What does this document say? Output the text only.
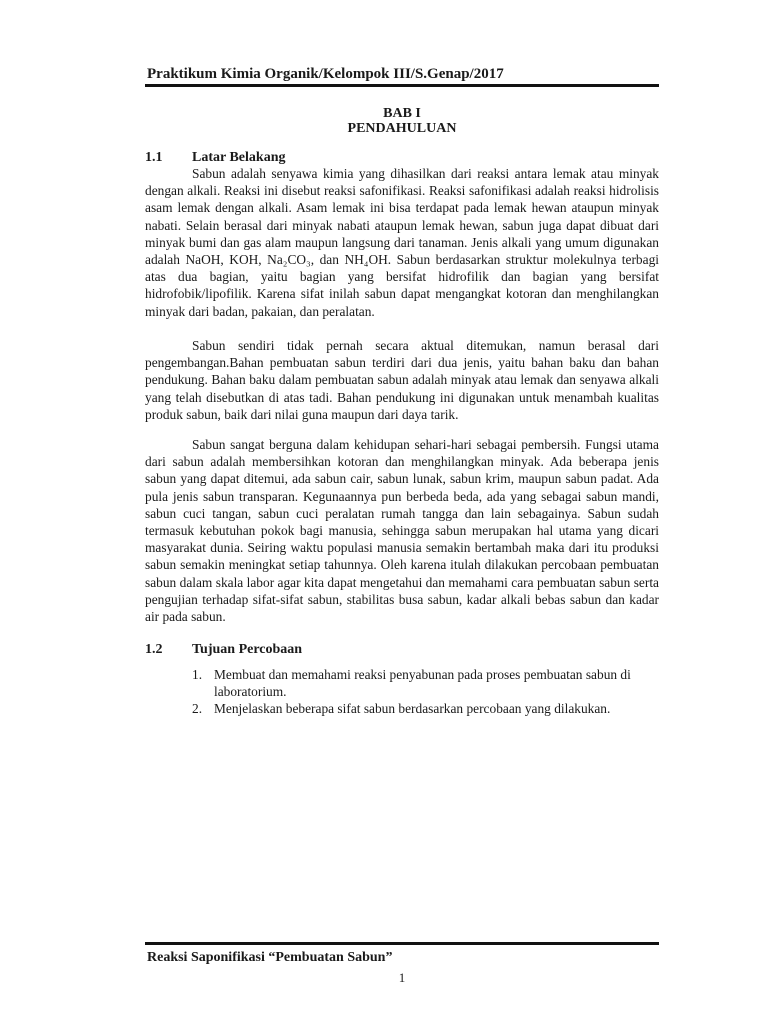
Praktikum Kimia Organik/Kelompok III/S.Genap/2017
BAB I
PENDAHULUAN
1.1 Latar Belakang

Sabun adalah senyawa kimia yang dihasilkan dari reaksi antara lemak atau minyak dengan alkali. Reaksi ini disebut reaksi safonifikasi. Reaksi safonifikasi adalah reaksi hidrolisis asam lemak dengan alkali. Asam lemak ini bisa terdapat pada lemak hewan ataupun minyak nabati. Selain berasal dari minyak nabati ataupun lemak hewan, sabun juga dapat dibuat dari minyak bumi dan gas alam maupun langsung dari tanaman. Jenis alkali yang umum digunakan adalah NaOH, KOH, Na₂CO₃, dan NH₄OH. Sabun berdasarkan struktur molekulnya terbagi atas dua bagian, yaitu bagian yang bersifat hidrofilik dan bagian yang bersifat hidrofobik/lipofilik. Karena sifat inilah sabun dapat mengangkat kotoran dan menghilangkan minyak dari badan, pakaian, dan peralatan.

Sabun sendiri tidak pernah secara aktual ditemukan, namun berasal dari pengembangan.Bahan pembuatan sabun terdiri dari dua jenis, yaitu bahan baku dan bahan pendukung. Bahan baku dalam pembuatan sabun adalah minyak atau lemak dan senyawa alkali yang telah disebutkan di atas tadi. Bahan pendukung ini digunakan untuk menambah kualitas produk sabun, baik dari nilai guna maupun dari daya tarik.

Sabun sangat berguna dalam kehidupan sehari-hari sebagai pembersih. Fungsi utama dari sabun adalah membersihkan kotoran dan menghilangkan minyak. Ada beberapa jenis sabun yang dapat ditemui, ada sabun cair, sabun lunak, sabun krim, maupun sabun padat. Ada pula jenis sabun transparan. Kegunaannya pun berbeda beda, ada yang sebagai sabun mandi, sabun cuci tangan, sabun cuci peralatan rumah tangga dan lain sebagainya. Sabun sudah termasuk kebutuhan pokok bagi manusia, sehingga sabun merupakan hal utama yang dicari masyarakat dunia. Seiring waktu populasi manusia semakin bertambah maka dari itu produksi sabun semakin meningkat setiap tahunnya. Oleh karena itulah dilakukan percobaan pembuatan sabun dalam skala labor agar kita dapat mengetahui dan memahami cara pembuatan sabun serta pengujian terhadap sifat-sifat sabun, stabilitas busa sabun, kadar alkali bebas sabun dan kadar air pada sabun.

1.2 Tujuan Percobaan
1. Membuat dan memahami reaksi penyabunan pada proses pembuatan sabun di laboratorium.
2. Menjelaskan beberapa sifat sabun berdasarkan percobaan yang dilakukan.
Reaksi Saponifikasi “Pembuatan Sabun”
1
